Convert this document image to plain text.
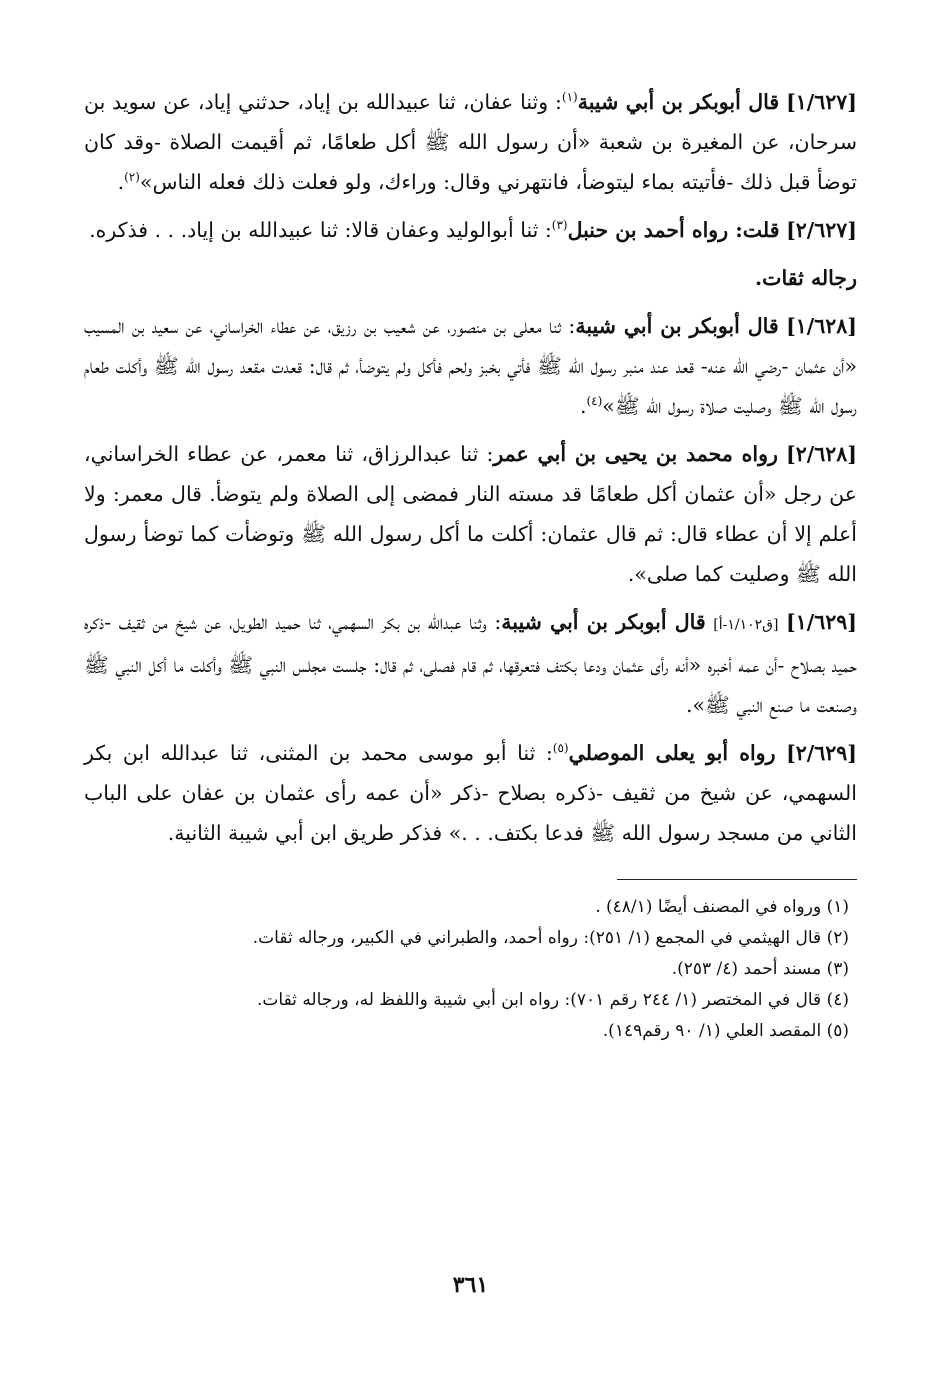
[١/٦٢٧] قال أبوبكر بن أبي شيبة$^{(١)}$: وثنا عفان، ثنا عبيدالله بن إياد، حدثني إياد، عن سويد بن سرحان، عن المغيرة بن شعبة «أن رسول الله ﷺ أكل طعامًا، ثم أقيمت الصلاة -وقد كان توضأ قبل ذلك -فأتيته بماء ليتوضأ، فانتهرني وقال: وراءك، ولو فعلت ذلك فعله الناس»$^{(٢)}$.

[٢/٦٢٧] قلت: رواه أحمد بن حنبل$^{(٣)}$: ثنا أبوالوليد وعفان قالا: ثنا عبيدالله بن إياد. . . فذكره.

رجاله ثقات.

[١/٦٢٨] قال أبوبكر بن أبي شيبة: ثنا معلى بن منصور، عن شعيب بن رزيق، عن عطاء الخراساني، عن سعيد بن المسيب «أن عثمان -رضي الله عنه- قعد عند منبر رسول الله ﷺ فأتي بخبز ولحم فأكل ولم يتوضأ، ثم قال: قعدت مقعد رسول الله ﷺ وأكلت طعام رسول الله ﷺ وصليت صلاة رسول الله ﷺ»$^{(٤)}$.

[٢/٦٢٨] رواه محمد بن يحيى بن أبي عمر: ثنا عبدالرزاق، ثنا معمر، عن عطاء الخراساني، عن رجل «أن عثمان أكل طعامًا قد مسته النار فمضى إلى الصلاة ولم يتوضأ. قال معمر: ولا أعلم إلا أن عطاء قال: ثم قال عثمان: أكلت ما أكل رسول الله ﷺ وتوضأت كما توضأ رسول الله ﷺ وصليت كما صلى».

[١/٦٢٩] [ق١/١٠٢-أ] قال أبوبكر بن أبي شيبة: وثنا عبدالله بن بكر السهمي، ثنا حميد الطويل، عن شيخ من ثقيف -ذكره حميد بصلاح -أن عمه أخبره «أنه رأى عثمان ودعا بكتف فتعرقها، ثم قام فصلى، ثم قال: جلست مجلس النبي ﷺ وأكلت ما أكل النبي ﷺ وصنعت ما صنع النبي ﷺ».

[٢/٦٢٩] رواه أبو يعلى الموصلي$^{(٥)}$: ثنا أبو موسى محمد بن المثنى، ثنا عبدالله ابن بكر السهمي، عن شيخ من ثقيف -ذكره بصلاح -ذكر «أن عمه رأى عثمان بن عفان على الباب الثاني من مسجد رسول الله ﷺ فدعا بكتف. . .» فذكر طريق ابن أبي شيبة الثانية.

(١) ورواه في المصنف أيضًا (٤٨/١) .

(٢) قال الهيثمي في المجمع (١/ ٢٥١): رواه أحمد، والطبراني في الكبير، ورجاله ثقات.

(٣) مسند أحمد (٤/ ٢٥٣).

(٤) قال في المختصر (١/ ٢٤٤ رقم ٧٠١): رواه ابن أبي شيبة واللفظ له، ورجاله ثقات.

(٥) المقصد العلي (١/ ٩٠ رقم١٤٩).

٣٦١
